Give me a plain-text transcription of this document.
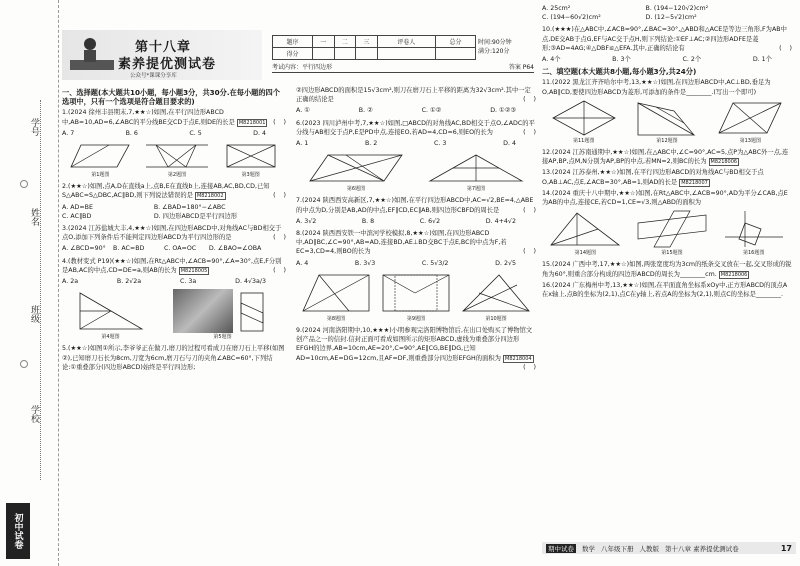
学号
姓名
班级
学校
初中试卷
第十八章
素养提优测试卷
公众号*课课分享库
题序	一	二	三	评卷人	总分	
得分						
时间:90分钟
满分:120分
考试内容：平行四边形	答案 P64
一、选择题(本大题共10小题，每小题3分，共30分.在每小题的四个选项中，只有一个选项是符合题目要求的)
1.(2024 徐州丰县期末,7,★★☆)如图,在平行四边形ABCD中,AB=10,AD=6,∠ABC的平分线BE交CD于点E,则DE的长是 M8218001 (    )
A. 7	B. 6	C. 5	D. 4
第1题图	第2题图	第3题图
2.(★★☆)如图,点A,D在直线a上,点B,E在直线b上,连接AB,AC,BD,CD,已知S△ABC=S△DBC,AC∥BD,则下列说法错误的是 M8218002	(    )
A. AD=BE	B. ∠BAD=180°−∠ABC
C. AC∥BD	D. 四边形ABCD是平行四边形
3.(2024 江苏盐城大丰,4,★★☆)如图,在四边形ABCD中,对角线AC与BD相交于点O,添加下列条件后不能判定四边形ABCD为平行四边形的是	(    )
A. ∠BCD=90°	B. AC=BD	C. OA=OC	D. ∠BAO=∠OBA
4.(教材变式 P19)(★★☆)如图,在Rt△ABC中,∠ACB=90°,∠A=30°,点E,F分别是AB,AC的中点,CD=DE=a,则AB的长为 M8218005	(    )
A. 2a	B. 2√2a	C. 3a	D. 4√3a/3
第4题图	第5题图
5.(★★☆)如图①所示,李爷爷正在做刀,磨刀的过程可看成刀在磨刀石上平移(如图②),已知磨刀石长为8cm,刀宽为6cm,磨刀石与刀的夹角∠ABC=60°,下列结论:①重叠部分(四边形ABCD)始终是平行四边形;
②四边形ABCD的面积是15√3cm²,则刀在磨刀石上平移的距离为32√3cm².其中一定正确的结论是	(    )
A. ①	B. ②	C. ①②	D. ①②③
6.(2023 四川泸州中考,7,★★☆)如图,□ABCD的对角线AC,BD相交于点O,∠ADC的平分线与AB相交于点P,E是PD中点,连接EO,若AD=4,CD=6,则EO的长为	(    )
A. 1	B. 2	C. 3	D. 4
第6题图	第7题图
7.(2024 陕西西安高新区,7,★★☆)如图,在平行四边形ABCD中,AC=√2,BE=4,△ABE的中点为D,分别是AB,AD的中点,EF∥CD,EC∥AB,则四边形CBFD的周长是	(    )
A. 3√2	B. 8	C. 6√2	D. 4+4√2
8.(2024 陕西西安铁一中滨河学校模拟,8,★★☆)如图,在四边形ABCD中,AD∥BC,∠C=90°,AB=AD,连接BD,AE⊥BD交BC于点E,BC的中点为F,若EC=3,CD=4,则BO的长为	(    )
A. 4	B. 3√3	C. 5√3/2	D. 2√5
第8题图	第9题图	第10题图
9.(2024 河南洛阳期中,10,★★★)小明参观完洛阳博物馆后,在出口处购买了博物馆文创产品之一的信封.信封正面可看成如图所示的矩形ABCD,虚线为重叠部分四边形EFGH的边界,AB=10cm,AE=20°,C=90°,AE∥CG,BE∥DG,已知AD=10cm,AE=DG=12cm,且AF=DF,则重叠部分四边形EFGH的面积为 M8218004
(    )
A. 25cm²	B. (194−120√2)cm²
C. (194−60√2)cm²	D. (12−5√2)cm²
10.(★★★)在△ABC中,∠ACB=90°,∠BAC=30°,△ABD和△ACE是等边三角形,F为AB中点,DE交AB于点G,EF与AC交于点H,则下列结论:①EF⊥AC;②四边形ADFE是菱形;③AD=4AG;④△DBF≌△EFA.其中,正确的结论有	(    )
A. 4个	B. 3个	C. 2个	D. 1个
二、填空题(本大题共8小题,每小题3分,共24分)
11.(2022 黑龙江齐齐哈尔中考,13,★★☆)如图,在四边形ABCD中,AC⊥BD,垂足为O,AB∥CD,要使四边形ABCD为菱形,可添加的条件是________.(写出一个即可)
第11题图	第12题图	第13题图
12.(2024 江苏南通期中,★★☆)如图,在△ABC中,∠C=90°,AC=5,点P为△ABC外一点,连接AP,BP,点M,N分别为AP,BP的中点,若MN=2,则BC的长为 M8218006
13.(2024 江苏泰州,★★☆)如图,在平行四边形ABCD的对角线AC与BD相交于点O,AB⊥AC,点E,∠ACB=30°,AB=1,则AD的长是 M8218007
14.(2024 重庆十八中期中,★★☆)如图,在Rt△ABC中,∠ACB=90°,AD为平分∠CAB,点E为AB的中点,连接CE,若CD=1,CE=√3,则△ABD的面积为
第14题图	第15题图	第16题图
15.(2024 广西中考,17,★★☆)如图,两张宽度均为3cm的纸条交叉放在一起,交叉形成的锐角为60°,则重合部分构成的四边形ABCD的周长为________cm. M8218006
16.(2024 广东梅州中考,13,★★☆)如图,在平面直角坐标系xOy中,正方形ABCD的顶点A在x轴上,点B的坐标为(2,1),点C在y轴上,若点A的坐标为(2,1),则点C的坐标是________.
期中试卷	数学 八年级下册 人教版 第十八章 素养提优测试卷	17
